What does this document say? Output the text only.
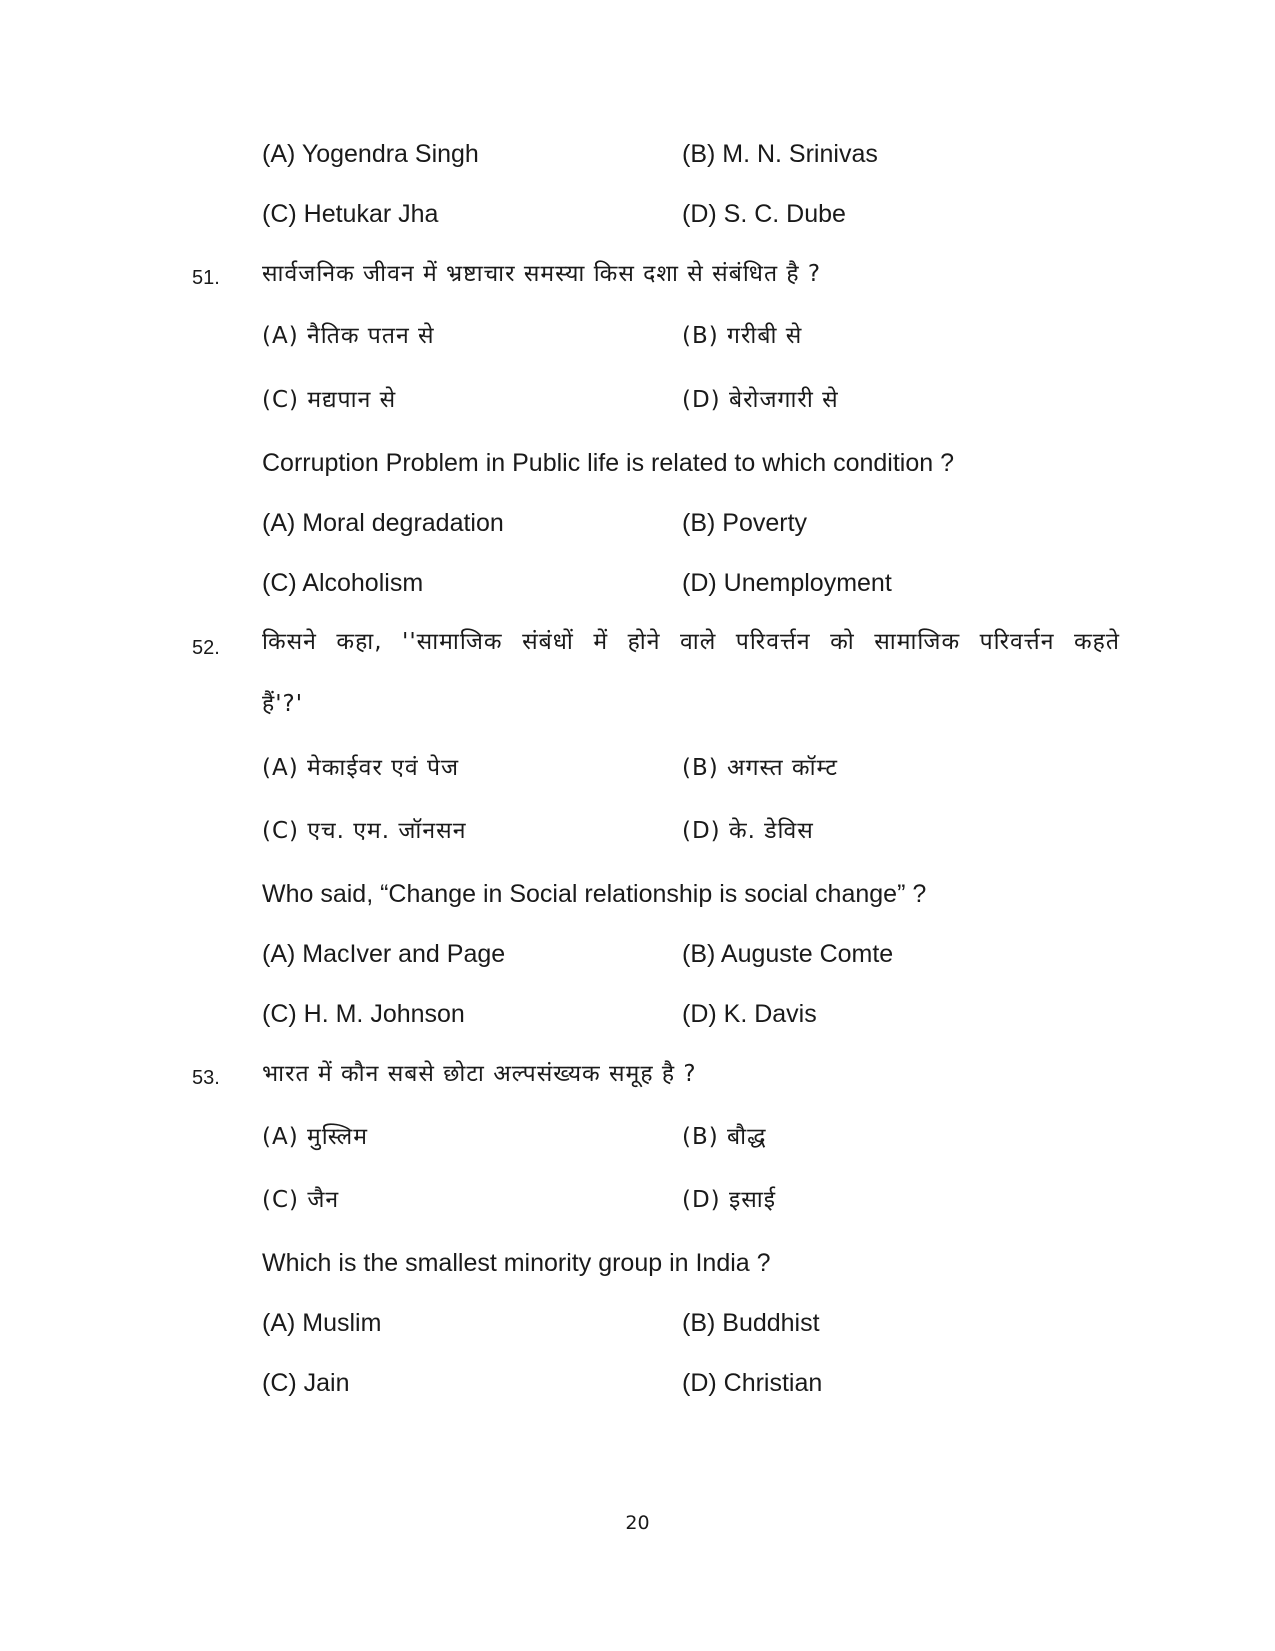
(A) Yogendra Singh	(B) M. N. Srinivas
(C) Hetukar Jha	(D) S. C. Dube
51. सार्वजनिक जीवन में भ्रष्टाचार समस्या किस दशा से संबंधित है ?
(A) नैतिक पतन से	(B) गरीबी से
(C) मद्यपान से	(D) बेरोजगारी से
Corruption Problem in Public life is related to which condition ?
(A) Moral degradation	(B) Poverty
(C) Alcoholism	(D) Unemployment
52. किसने कहा, ''सामाजिक संबंधों में होने वाले परिवर्त्तन को सामाजिक परिवर्त्तन कहते
हैं'?'
(A) मेकाईवर एवं पेज	(B) अगस्त कॉम्ट
(C) एच. एम. जॉनसन	(D) के. डेविस
Who said, “Change in Social relationship is social change” ?
(A) MacIver and Page	(B) Auguste Comte
(C) H. M. Johnson	(D) K. Davis
53. भारत में कौन सबसे छोटा अल्पसंख्यक समूह है ?
(A) मुस्लिम	(B) बौद्ध
(C) जैन	(D) इसाई
Which is the smallest minority group in India ?
(A) Muslim	(B) Buddhist
(C) Jain	(D) Christian
20
